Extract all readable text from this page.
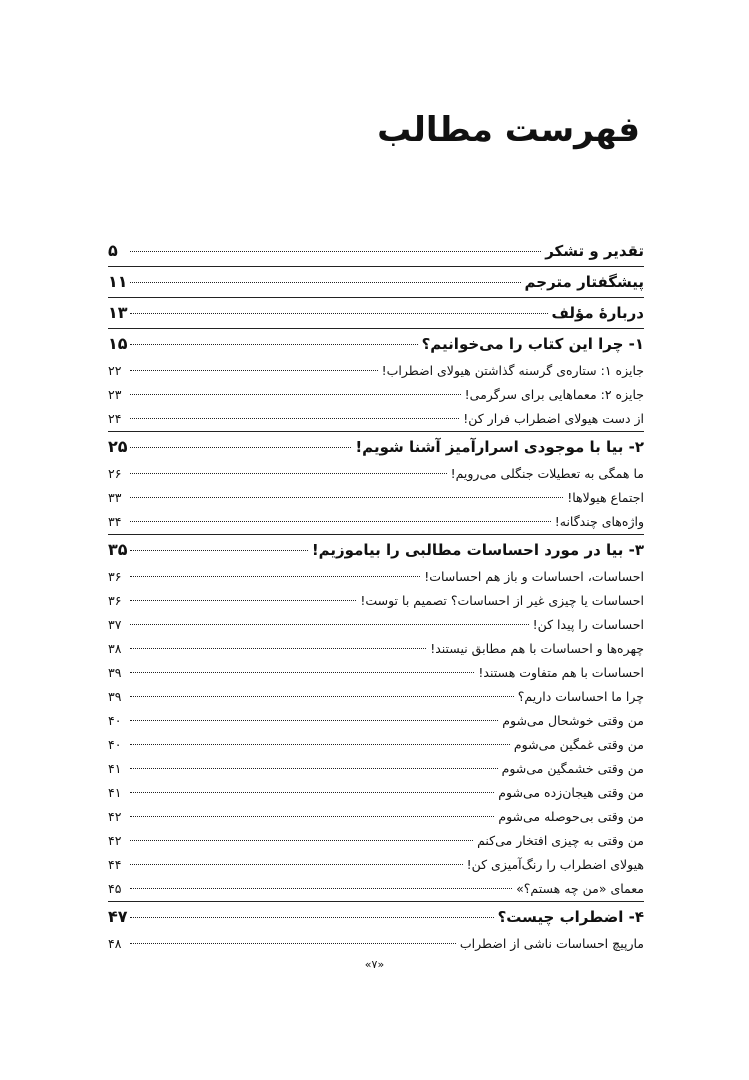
فهرست مطالب
تقدیر و تشکر
۵
پیشگفتار مترجم
۱۱
دربارهٔ مؤلف
۱۳
۱- چرا این کتاب را می‌خوانیم؟
۱۵
جایزه ۱: ستاره‌ی گرسنه گذاشتن هیولای اضطراب!
۲۲
جایزه ۲: معماهایی برای سرگرمی!
۲۳
از دست هیولای اضطراب فرار کن!
۲۴
۲- بیا با موجودی اسرارآمیز آشنا شویم!
۲۵
ما همگی به تعطیلات جنگلی می‌رویم!
۲۶
اجتماع هیولاها!
۳۳
واژه‌های چندگانه!
۳۴
۳- بیا در مورد احساسات مطالبی را بیاموزیم!
۳۵
احساسات، احساسات و باز هم احساسات!
۳۶
احساسات یا چیزی غیر از احساسات؟ تصمیم با توست!
۳۶
احساسات را پیدا کن!
۳۷
چهره‌ها و احساسات با هم مطابق نیستند!
۳۸
احساسات با هم متفاوت هستند!
۳۹
چرا ما احساسات داریم؟
۳۹
من وقتی خوشحال می‌شوم
۴۰
من وقتی غمگین می‌شوم
۴۰
من وقتی خشمگین می‌شوم
۴۱
من وقتی هیجان‌زده می‌شوم
۴۱
من وقتی بی‌حوصله می‌شوم
۴۲
من وقتی به چیزی افتخار می‌کنم
۴۲
هیولای اضطراب را رنگ‌آمیزی کن!
۴۴
معمای «من چه هستم؟»
۴۵
۴- اضطراب چیست؟
۴۷
مارپیچ احساسات ناشی از اضطراب
۴۸
«۷»
